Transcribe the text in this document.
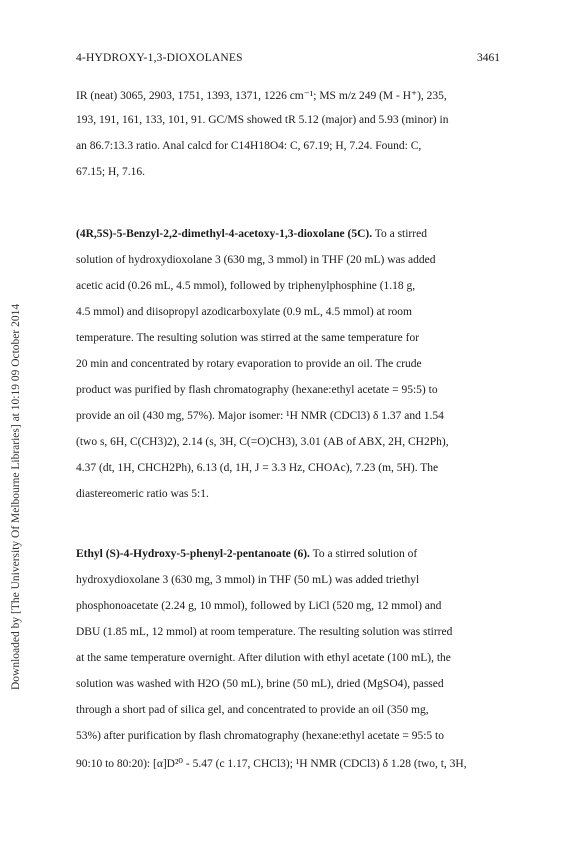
4-HYDROXY-1,3-DIOXOLANES	3461
Downloaded by [The University Of Melbourne Libraries] at 10:19 09 October 2014
IR (neat) 3065, 2903, 1751, 1393, 1371, 1226 cm⁻¹; MS m/z 249 (M - H⁺), 235,
193, 191, 161, 133, 101, 91. GC/MS showed tR 5.12 (major) and 5.93 (minor) in
an 86.7:13.3 ratio. Anal calcd for C14H18O4: C, 67.19; H, 7.24. Found: C,
67.15; H, 7.16.
(4R,5S)-5-Benzyl-2,2-dimethyl-4-acetoxy-1,3-dioxolane (5C). To a stirred
solution of hydroxydioxolane 3 (630 mg, 3 mmol) in THF (20 mL) was added
acetic acid (0.26 mL, 4.5 mmol), followed by triphenylphosphine (1.18 g,
4.5 mmol) and diisopropyl azodicarboxylate (0.9 mL, 4.5 mmol) at room
temperature. The resulting solution was stirred at the same temperature for
20 min and concentrated by rotary evaporation to provide an oil. The crude
product was purified by flash chromatography (hexane:ethyl acetate = 95:5) to
provide an oil (430 mg, 57%). Major isomer: ¹H NMR (CDCl3) δ 1.37 and 1.54
(two s, 6H, C(CH3)2), 2.14 (s, 3H, C(=O)CH3), 3.01 (AB of ABX, 2H, CH2Ph),
4.37 (dt, 1H, CHCH2Ph), 6.13 (d, 1H, J = 3.3 Hz, CHOAc), 7.23 (m, 5H). The
diastereomeric ratio was 5:1.
Ethyl (S)-4-Hydroxy-5-phenyl-2-pentanoate (6). To a stirred solution of
hydroxydioxolane 3 (630 mg, 3 mmol) in THF (50 mL) was added triethyl
phosphonoacetate (2.24 g, 10 mmol), followed by LiCl (520 mg, 12 mmol) and
DBU (1.85 mL, 12 mmol) at room temperature. The resulting solution was stirred
at the same temperature overnight. After dilution with ethyl acetate (100 mL), the
solution was washed with H2O (50 mL), brine (50 mL), dried (MgSO4), passed
through a short pad of silica gel, and concentrated to provide an oil (350 mg,
53%) after purification by flash chromatography (hexane:ethyl acetate = 95:5 to
90:10 to 80:20): [α]D²⁰ - 5.47 (c 1.17, CHCl3); ¹H NMR (CDCl3) δ 1.28 (two, t, 3H,
